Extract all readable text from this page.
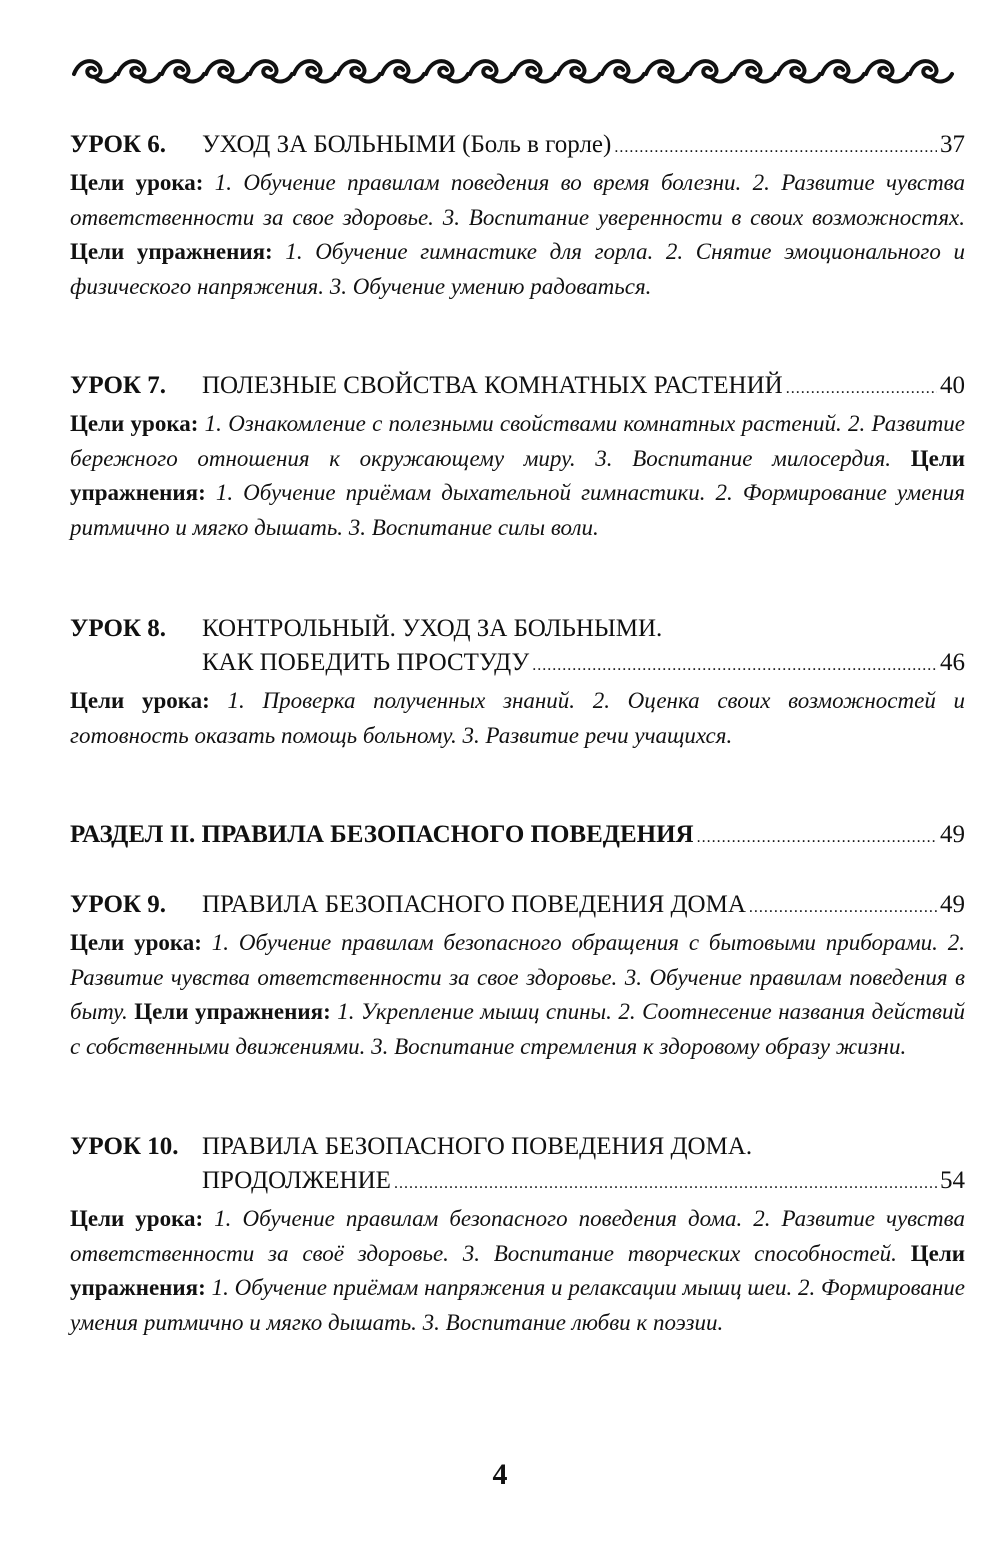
УРОК 6.	УХОД ЗА БОЛЬНЫМИ (Боль в горле) .....	37
Цели урока: 1. Обучение правилам поведения во время болезни. 2. Развитие чувства ответственности за свое здоровье. 3. Воспитание уверенности в своих возможностях. Цели упражнения: 1. Обучение гимнастике для горла. 2. Снятие эмоционального и физического напряжения. 3. Обучение умению радоваться.
УРОК 7.	ПОЛЕЗНЫЕ СВОЙСТВА КОМНАТНЫХ РАСТЕНИЙ .....	40
Цели урока: 1. Ознакомление с полезными свойствами комнатных растений. 2. Развитие бережного отношения к окружающему миру. 3. Воспитание милосердия. Цели упражнения: 1. Обучение приёмам дыхательной гимнастики. 2. Формирование умения ритмично и мягко дышать. 3. Воспитание силы воли.
УРОК 8.	КОНТРОЛЬНЫЙ. УХОД ЗА БОЛЬНЫМИ.
КАК ПОБЕДИТЬ ПРОСТУДУ .....	46
Цели урока: 1. Проверка полученных знаний. 2. Оценка своих возможностей и готовность оказать помощь больному. 3. Развитие речи учащихся.
РАЗДЕЛ II. ПРАВИЛА БЕЗОПАСНОГО ПОВЕДЕНИЯ .....	49
УРОК 9.	ПРАВИЛА БЕЗОПАСНОГО ПОВЕДЕНИЯ ДОМА .....	49
Цели урока: 1. Обучение правилам безопасного обращения с бытовыми приборами. 2. Развитие чувства ответственности за свое здоровье. 3. Обучение правилам поведения в быту. Цели упражнения: 1. Укрепление мышц спины. 2. Соотнесение названия действий с собственными движениями. 3. Воспитание стремления к здоровому образу жизни.
УРОК 10. ПРАВИЛА БЕЗОПАСНОГО ПОВЕДЕНИЯ ДОМА.
ПРОДОЛЖЕНИЕ .....	54
Цели урока: 1. Обучение правилам безопасного поведения дома. 2. Развитие чувства ответственности за своё здоровье. 3. Воспитание творческих способностей. Цели упражнения: 1. Обучение приёмам напряжения и релаксации мышц шеи. 2. Формирование умения ритмично и мягко дышать. 3. Воспитание любви к поэзии.
4
